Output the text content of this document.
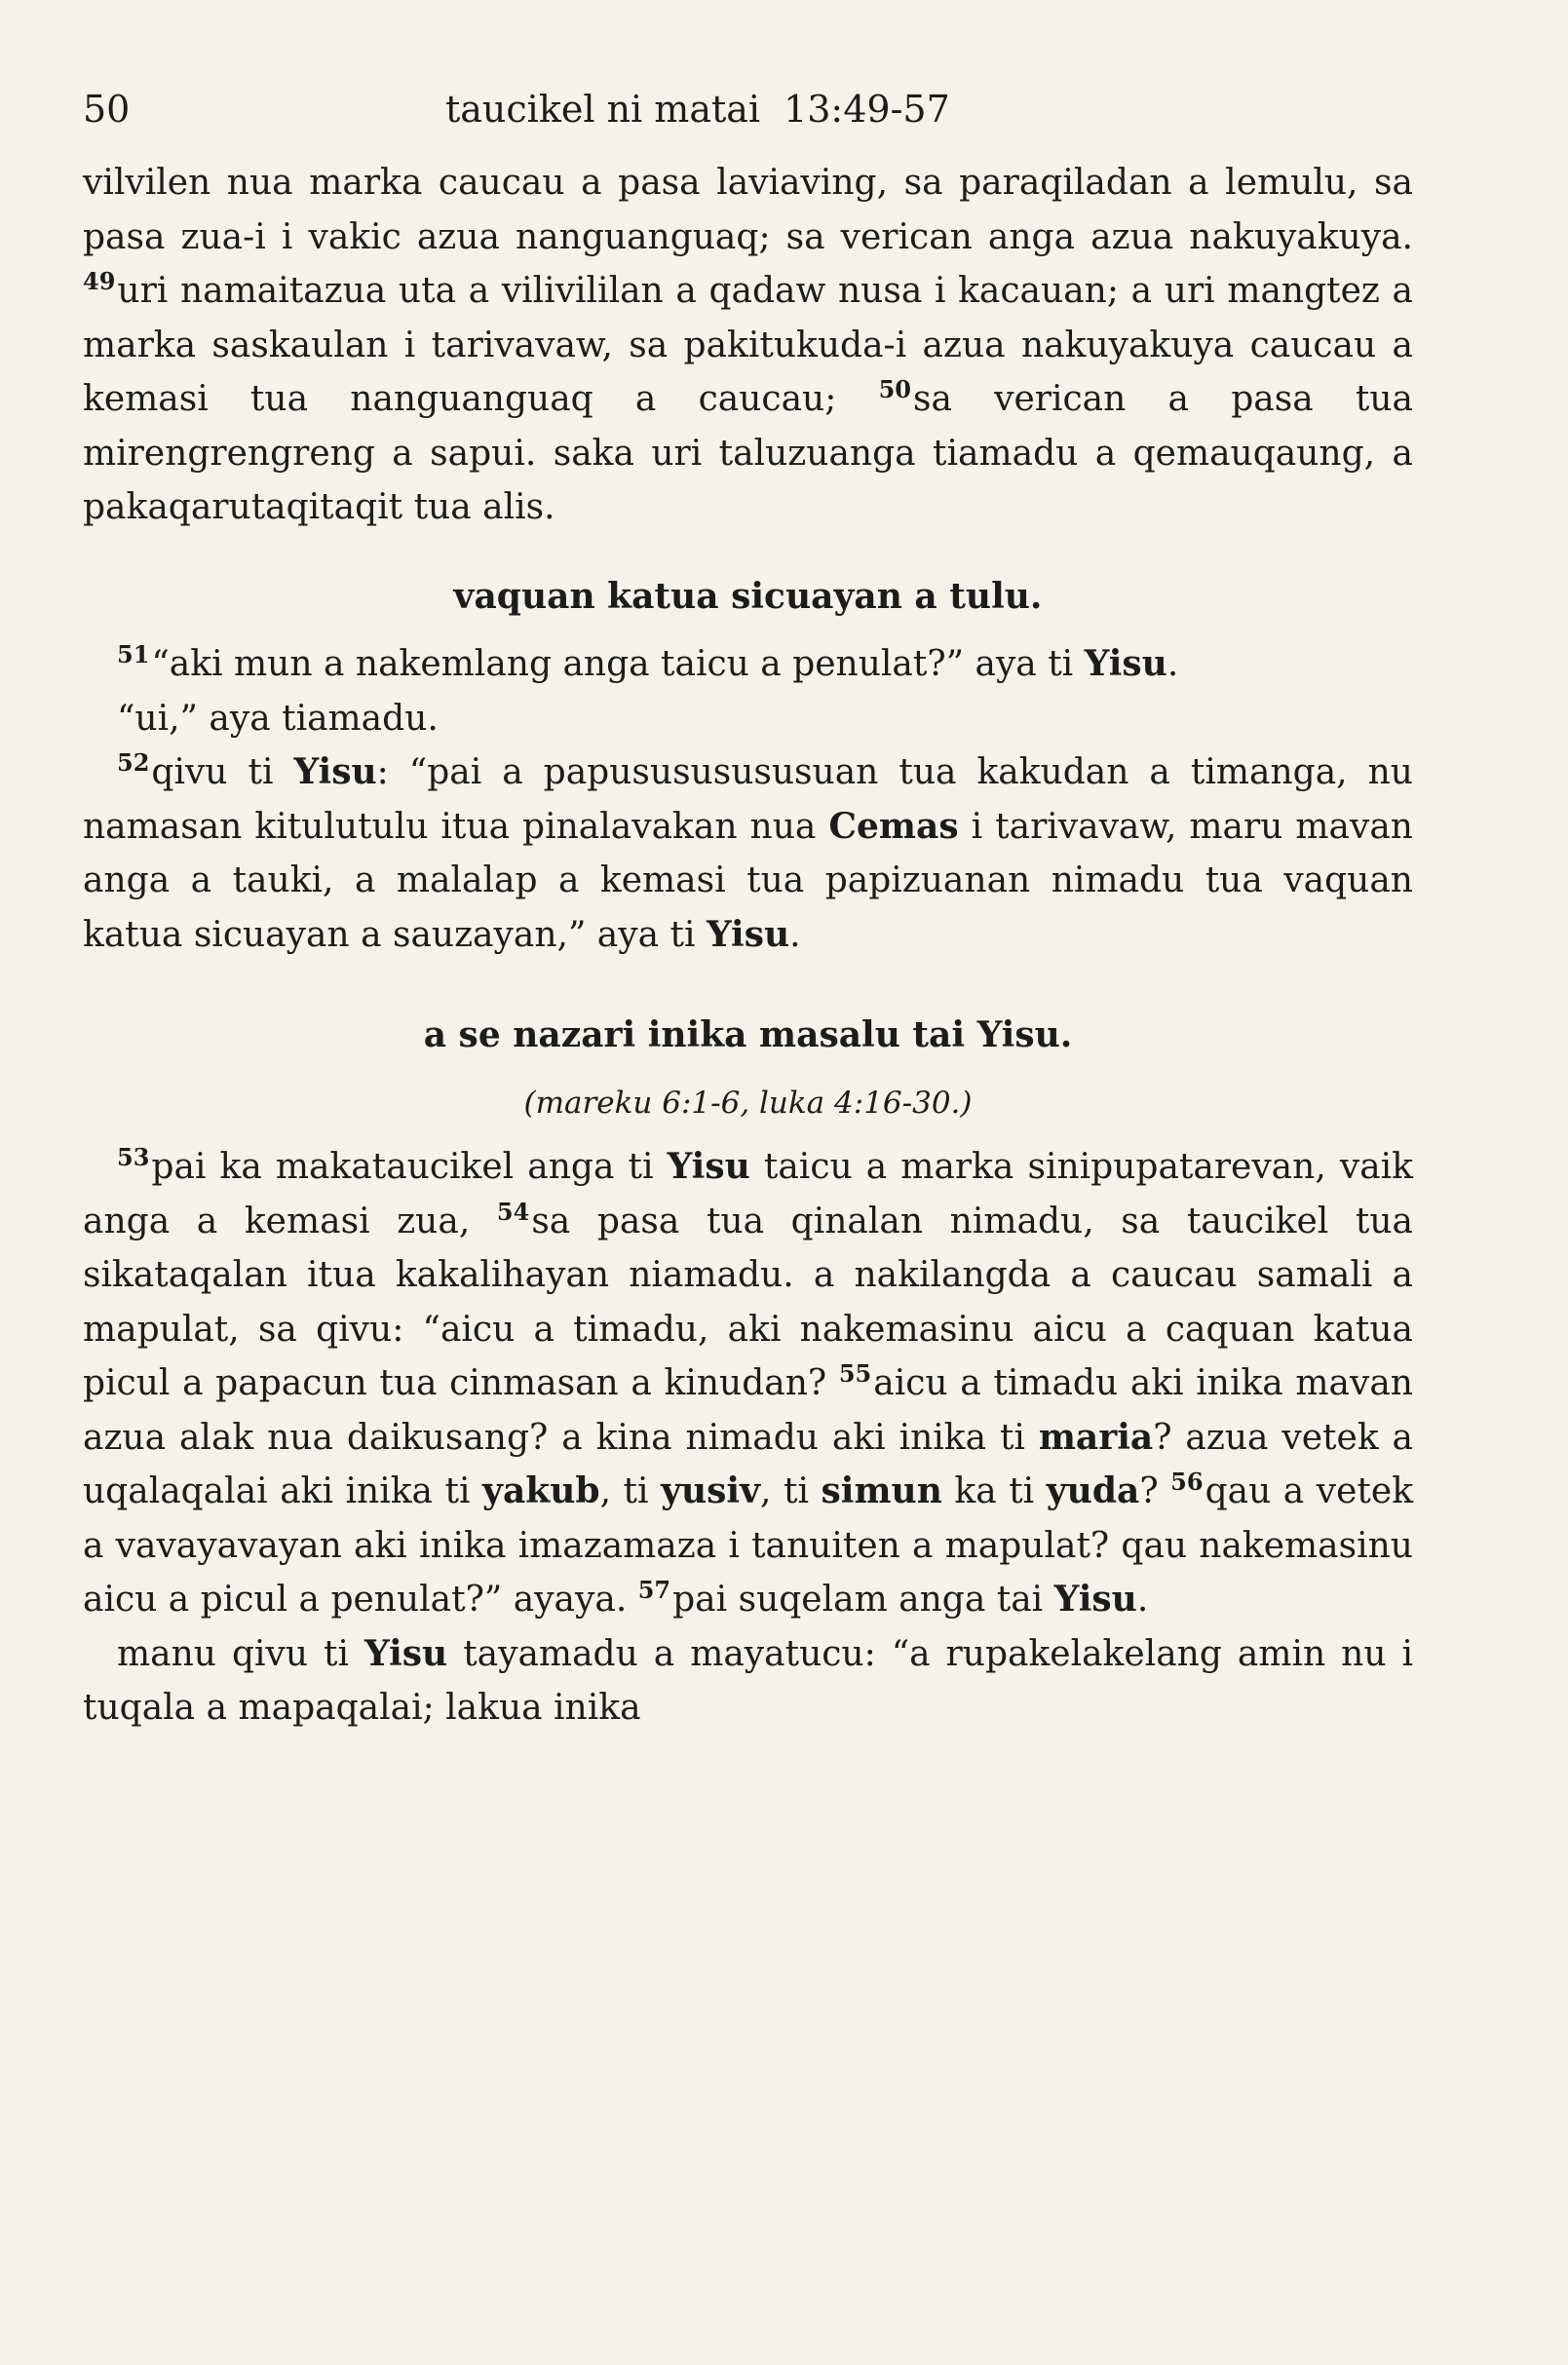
50	taucikel ni matai 13:49-57

vilvilen nua marka caucau a pasa laviaving, sa paraqiladan a lemulu, sa pasa zua-i i vakic azua nanguanguaq; sa verican anga azua nakuyakuya. $^{49}$uri namaitazua uta a vilivililan a qadaw nusa i kacauan; a uri mangtez a marka saskaulan i tarivavaw, sa pakitukuda-i azua nakuyakuya caucau a kemasi tua nanguanguaq a caucau; $^{50}$sa verican a pasa tua mirengrengreng a sapui. saka uri taluzuanga tiamadu a qemauqaung, a pakaqarutaqitaqit tua alis.

vaquan katua sicuayan a tulu.

$^{51}$“aki mun a nakemlang anga taicu a penulat?” aya ti Yisu.

“ui,” aya tiamadu.

$^{52}$qivu ti Yisu: “pai a papusususususuan tua kakudan a timanga, nu namasan kitulutulu itua pinalavakan nua Cemas i tarivavaw, maru mavan anga a tauki, a malalap a kemasi tua papizuanan nimadu tua vaquan katua sicuayan a sauzayan,” aya ti Yisu.

a se nazari inika masalu tai Yisu.
(mareku 6:1-6, luka 4:16-30.)

$^{53}$pai ka makataucikel anga ti Yisu taicu a marka sinipupatarevan, vaik anga a kemasi zua, $^{54}$sa pasa tua qinalan nimadu, sa taucikel tua sikataqalan itua kakalihayan niamadu. a nakilangda a caucau samali a mapulat, sa qivu: “aicu a timadu, aki nakemasinu aicu a caquan katua picul a papacun tua cinmasan a kinudan? $^{55}$aicu a timadu aki inika mavan azua alak nua daikusang? a kina nimadu aki inika ti maria? azua vetek a uqalaqalai aki inika ti yakub, ti yusiv, ti simun ka ti yuda? $^{56}$qau a vetek a vavayavayan aki inika imazamaza i tanuiten a mapulat? qau nakemasinu aicu a picul a penulat?” ayaya. $^{57}$pai suqelam anga tai Yisu.

manu qivu ti Yisu tayamadu a mayatucu: “a rupakelakelang amin nu i tuqala a mapaqalai; lakua inika
